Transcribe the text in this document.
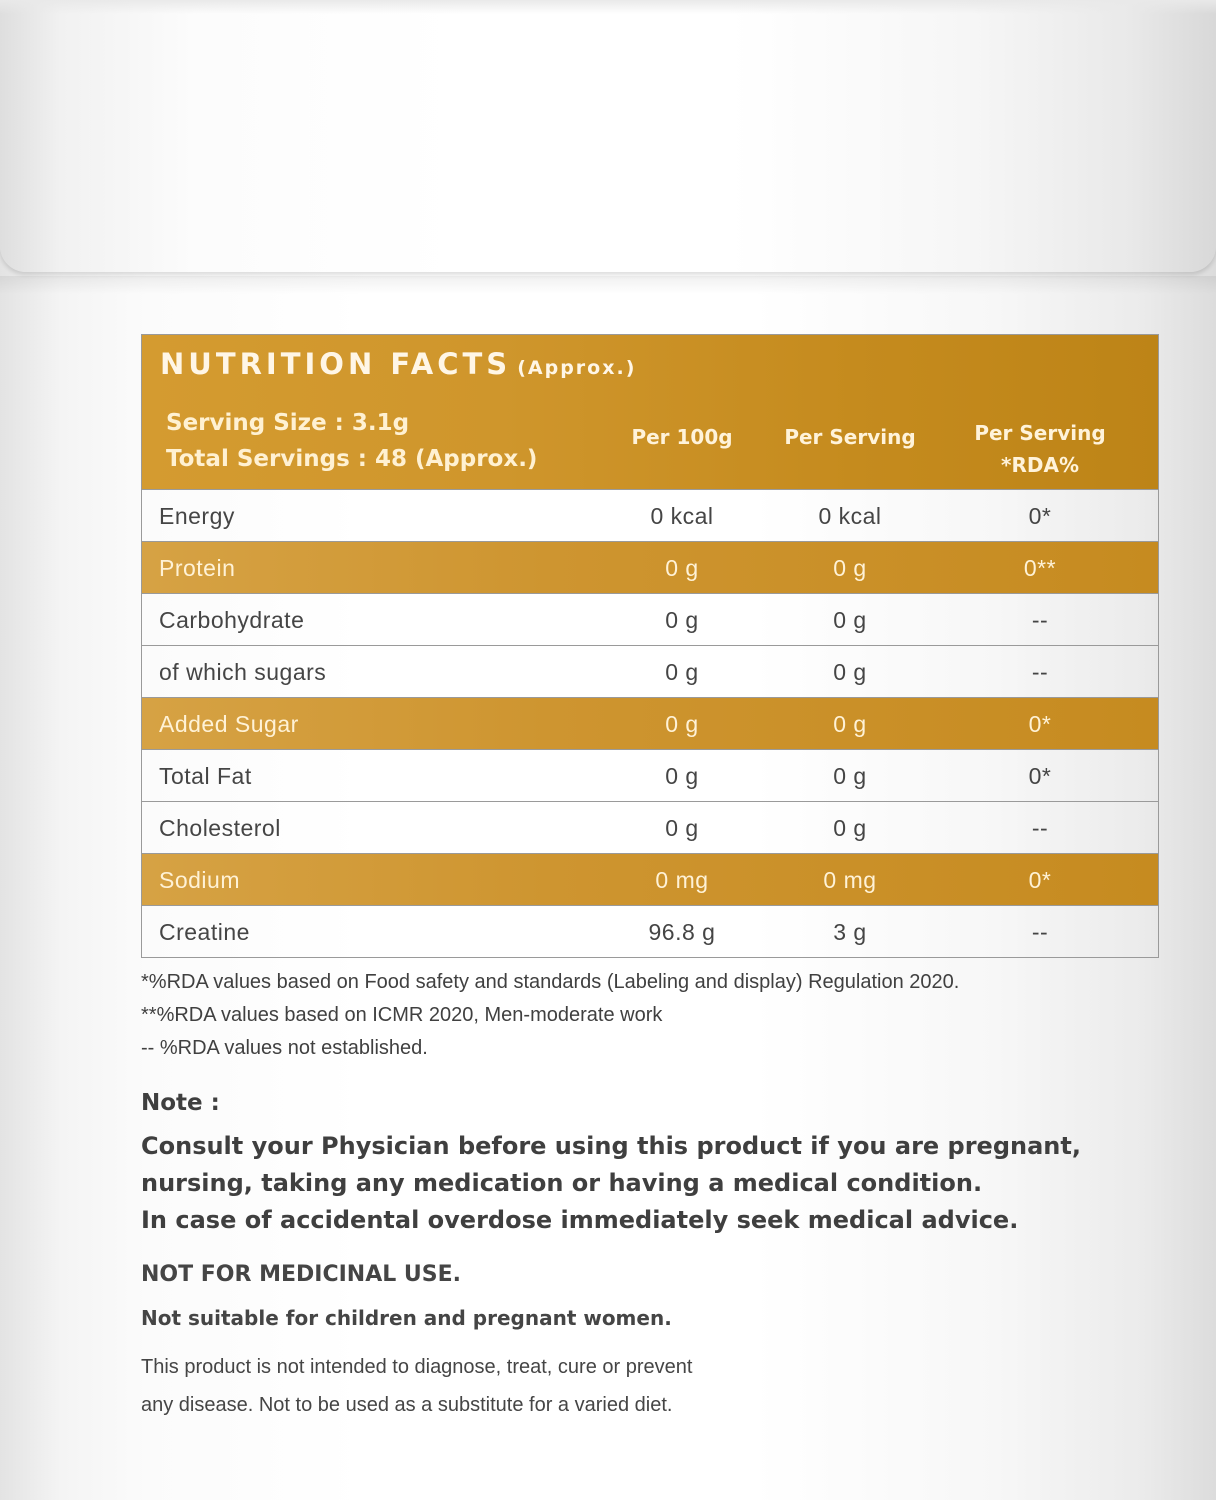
NUTRITION FACTS (Approx.)
Serving Size : 3.1g
Total Servings : 48 (Approx.)
Per 100g	Per Serving	Per Serving
*RDA%
Energy	0 kcal	0 kcal	0*
Protein	0 g	0 g	0**
Carbohydrate	0 g	0 g	--
of which sugars	0 g	0 g	--
Added Sugar	0 g	0 g	0*
Total Fat	0 g	0 g	0*
Cholesterol	0 g	0 g	--
Sodium	0 mg	0 mg	0*
Creatine	96.8 g	3 g	--
*%RDA values based on Food safety and standards (Labeling and display) Regulation 2020.
**%RDA values based on ICMR 2020, Men-moderate work
-- %RDA values not established.
Note :
Consult your Physician before using this product if you are pregnant,
nursing, taking any medication or having a medical condition.
In case of accidental overdose immediately seek medical advice.
NOT FOR MEDICINAL USE.
Not suitable for children and pregnant women.
This product is not intended to diagnose, treat, cure or prevent
any disease. Not to be used as a substitute for a varied diet.
